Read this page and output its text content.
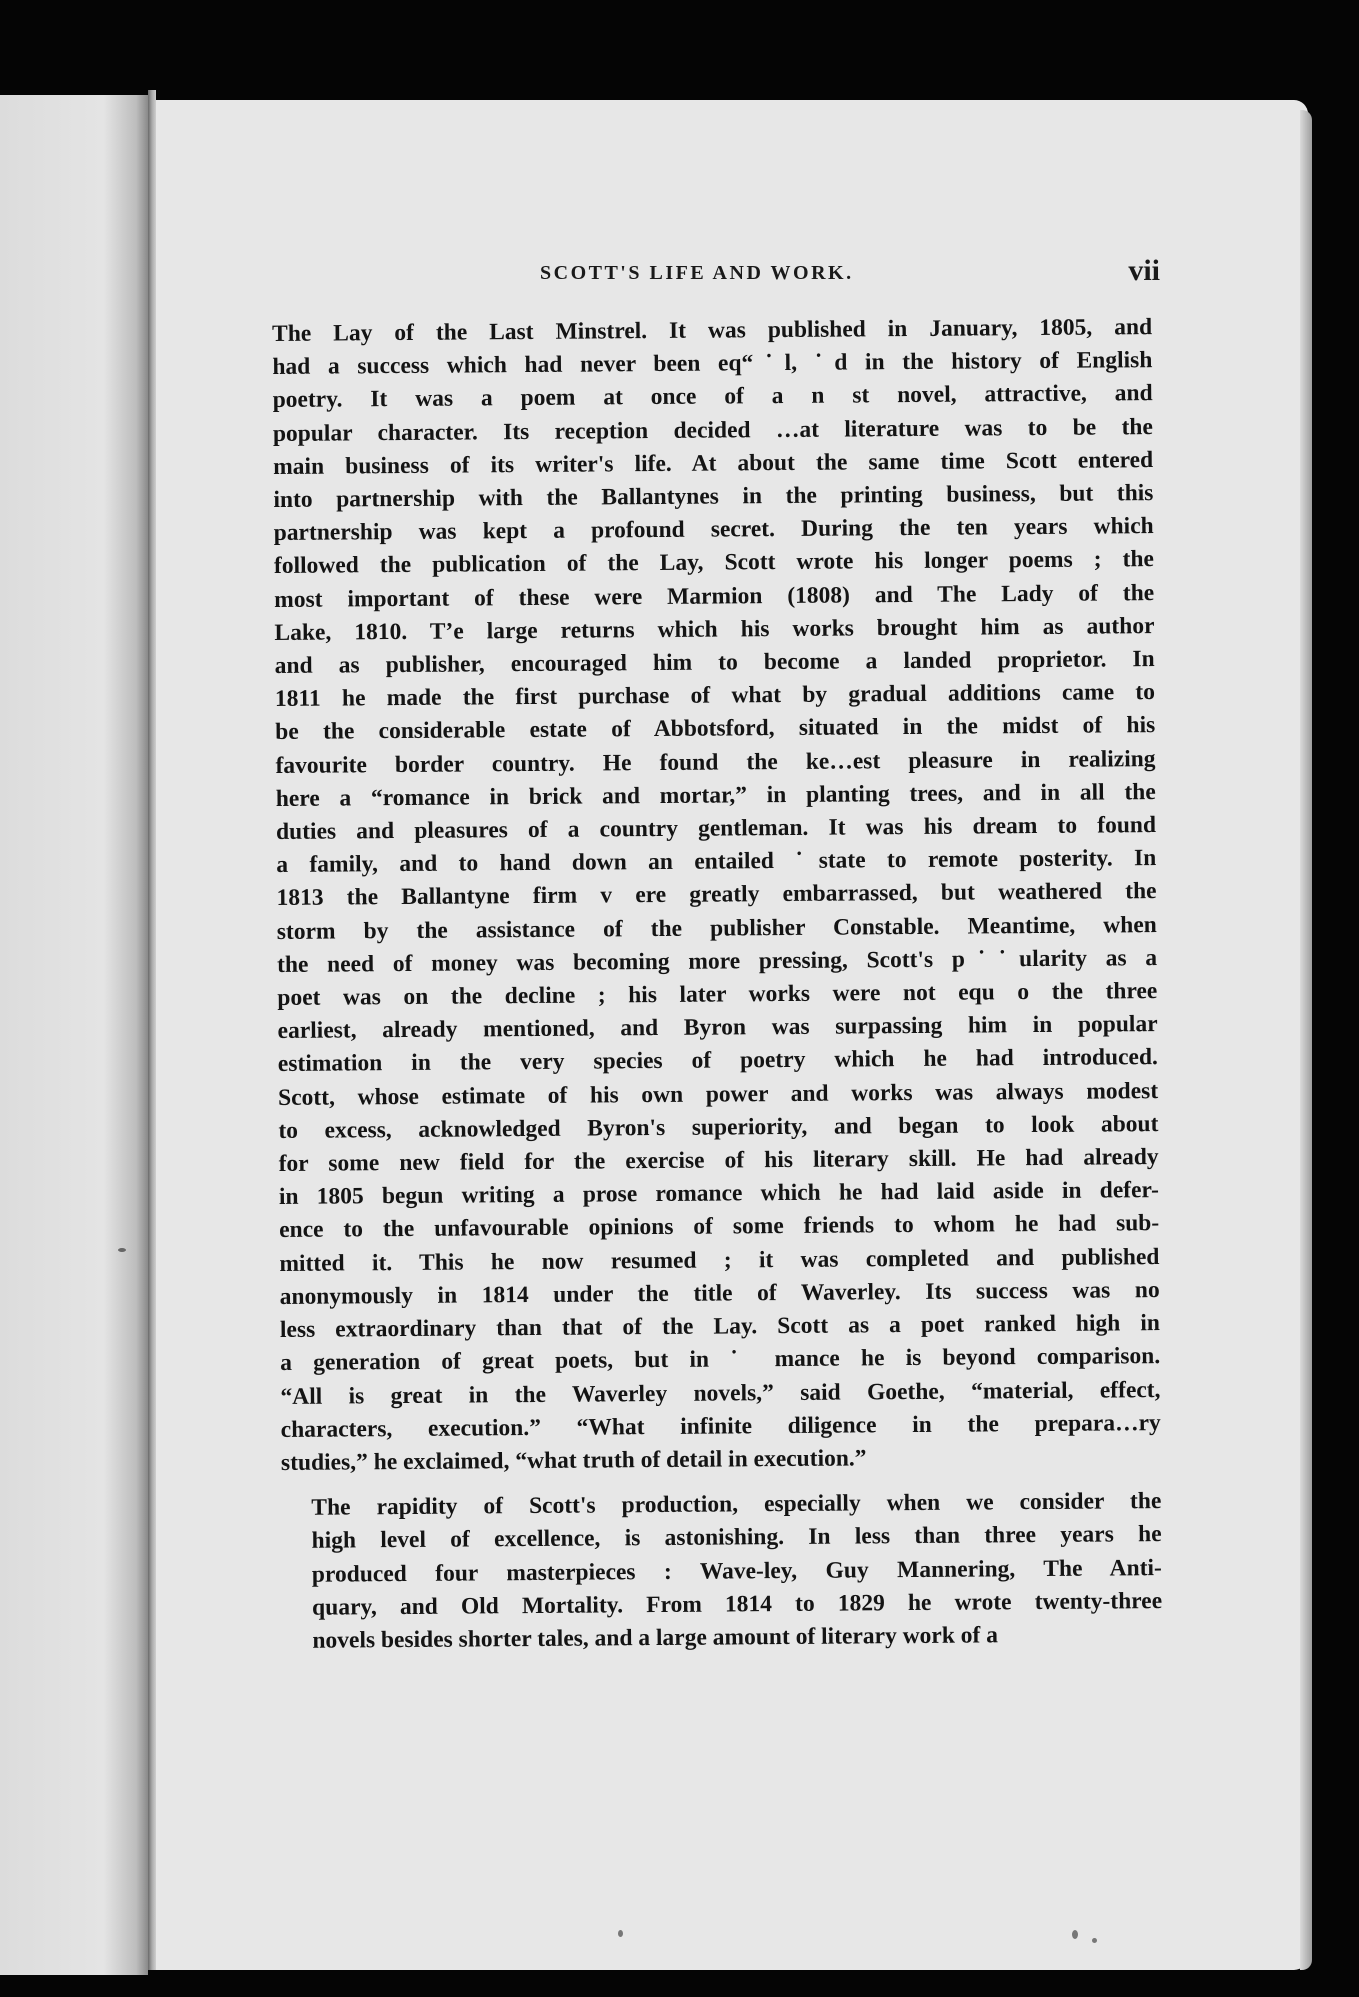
SCOTT'S LIFE AND WORK.	vii
The Lay of the Last Minstrel. It was published in January, 1805, and
had a success which had never been eq“˙l, ˙d in the history of English
poetry. It was a poem at once of a n st novel, attractive, and
popular character. Its reception decided …at literature was to be the
main business of its writer's life. At about the same time Scott entered
into partnership with the Ballantynes in the printing business, but this
partnership was kept a profound secret. During the ten years which
followed the publication of the Lay, Scott wrote his longer poems ; the
most important of these were Marmion (1808) and The Lady of the
Lake, 1810. Tʼe large returns which his works brought him as author
and as publisher, encouraged him to become a landed proprietor. In
1811 he made the first purchase of what by gradual additions came to
be the considerable estate of Abbotsford, situated in the midst of his
favourite border country. He found the ke…est pleasure in realizing
here a “romance in brick and mortar,” in planting trees, and in all the
duties and pleasures of a country gentleman. It was his dream to found
a family, and to hand down an entailed ˙state to remote posterity. In
1813 the Ballantyne firm v ere greatly embarrassed, but weathered the
storm by the assistance of the publisher Constable. Meantime, when
the need of money was becoming more pressing, Scott's p˙˙ularity as a
poet was on the decline ; his later works were not equ o the three
earliest, already mentioned, and Byron was surpassing him in popular
estimation in the very species of poetry which he had introduced.
Scott, whose estimate of his own power and works was always modest
to excess, acknowledged Byron's superiority, and began to look about
for some new field for the exercise of his literary skill. He had already
in 1805 begun writing a prose romance which he had laid aside in defer-
ence to the unfavourable opinions of some friends to whom he had sub-
mitted it. This he now resumed ; it was completed and published
anonymously in 1814 under the title of Waverley. Its success was no
less extraordinary than that of the Lay. Scott as a poet ranked high in
a generation of great poets, but in ˙ mance he is beyond comparison.
“All is great in the Waverley novels,” said Goethe, “material, effect,
characters, execution.” “What infinite diligence in the prepara…ry
studies,” he exclaimed, “what truth of detail in execution.”
The rapidity of Scott's production, especially when we consider the
high level of excellence, is astonishing. In less than three years he
produced four masterpieces : Wave-ley, Guy Mannering, The Anti-
quary, and Old Mortality. From 1814 to 1829 he wrote twenty-three
novels besides shorter tales, and a large amount of literary work of a
